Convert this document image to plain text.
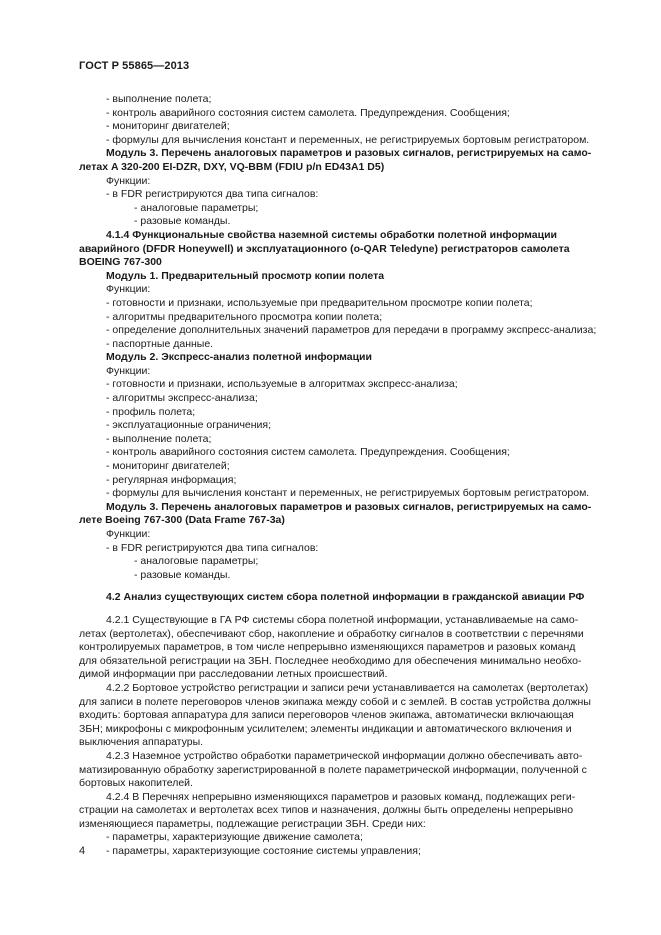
ГОСТ Р 55865—2013

- выполнение полета;

- контроль аварийного состояния систем самолета. Предупреждения. Сообщения;

- мониторинг двигателей;

- формулы для вычисления констант и переменных, не регистрируемых бортовым регистратором.

Модуль 3. Перечень аналоговых параметров и разовых сигналов, регистрируемых на само-

летах A 320-200 EI-DZR, DXY, VQ-BBM (FDIU p/n ED43A1 D5)

Функции:

- в FDR регистрируются два типа сигналов:

- аналоговые параметры;

- разовые команды.

4.1.4 Функциональные свойства наземной системы обработки полетной информации

аварийного (DFDR Honeywell) и эксплуатационного (o-QAR Teledyne) регистраторов самолета

BOEING 767-300

Модуль 1. Предварительный просмотр копии полета

Функции:

- готовности и признаки, используемые при предварительном просмотре копии полета;

- алгоритмы предварительного просмотра копии полета;

- определение дополнительных значений параметров для передачи в программу экспресс-анализа;

- паспортные данные.

Модуль 2. Экспресс-анализ полетной информации

Функции:

- готовности и признаки, используемые в алгоритмах экспресс-анализа;

- алгоритмы экспресс-анализа;

- профиль полета;

- эксплуатационные ограничения;

- выполнение полета;

- контроль аварийного состояния систем самолета. Предупреждения. Сообщения;

- мониторинг двигателей;

- регулярная информация;

- формулы для вычисления констант и переменных, не регистрируемых бортовым регистратором.

Модуль 3. Перечень аналоговых параметров и разовых сигналов, регистрируемых на само-

лете Boeing 767-300 (Data Frame 767-3a)

Функции:

- в FDR регистрируются два типа сигналов:

- аналоговые параметры;

- разовые команды.

4.2 Анализ существующих систем сбора полетной информации в гражданской авиации РФ

4.2.1 Существующие в ГА РФ системы сбора полетной информации, устанавливаемые на само-

летах (вертолетах), обеспечивают сбор, накопление и обработку сигналов в соответствии с перечнями

контролируемых параметров, в том числе непрерывно изменяющихся параметров и разовых команд

для обязательной регистрации на ЗБН. Последнее необходимо для обеспечения минимально необхо-

димой информации при расследовании летных происшествий.

4.2.2 Бортовое устройство регистрации и записи речи устанавливается на самолетах (вертолетах)

для записи в полете переговоров членов экипажа между собой и с землей. В состав устройства должны

входить: бортовая аппаратура для записи переговоров членов экипажа, автоматически включающая

ЗБН; микрофоны с микрофонным усилителем; элементы индикации и автоматического включения и

выключения аппаратуры.

4.2.3 Наземное устройство обработки параметрической информации должно обеспечивать авто-

матизированную обработку зарегистрированной в полете параметрической информации, полученной с

бортовых накопителей.

4.2.4 В Перечнях непрерывно изменяющихся параметров и разовых команд, подлежащих реги-

страции на самолетах и вертолетах всех типов и назначения, должны быть определены непрерывно

изменяющиеся параметры, подлежащие регистрации ЗБН. Среди них:

- параметры, характеризующие движение самолета;

- параметры, характеризующие состояние системы управления;

4
